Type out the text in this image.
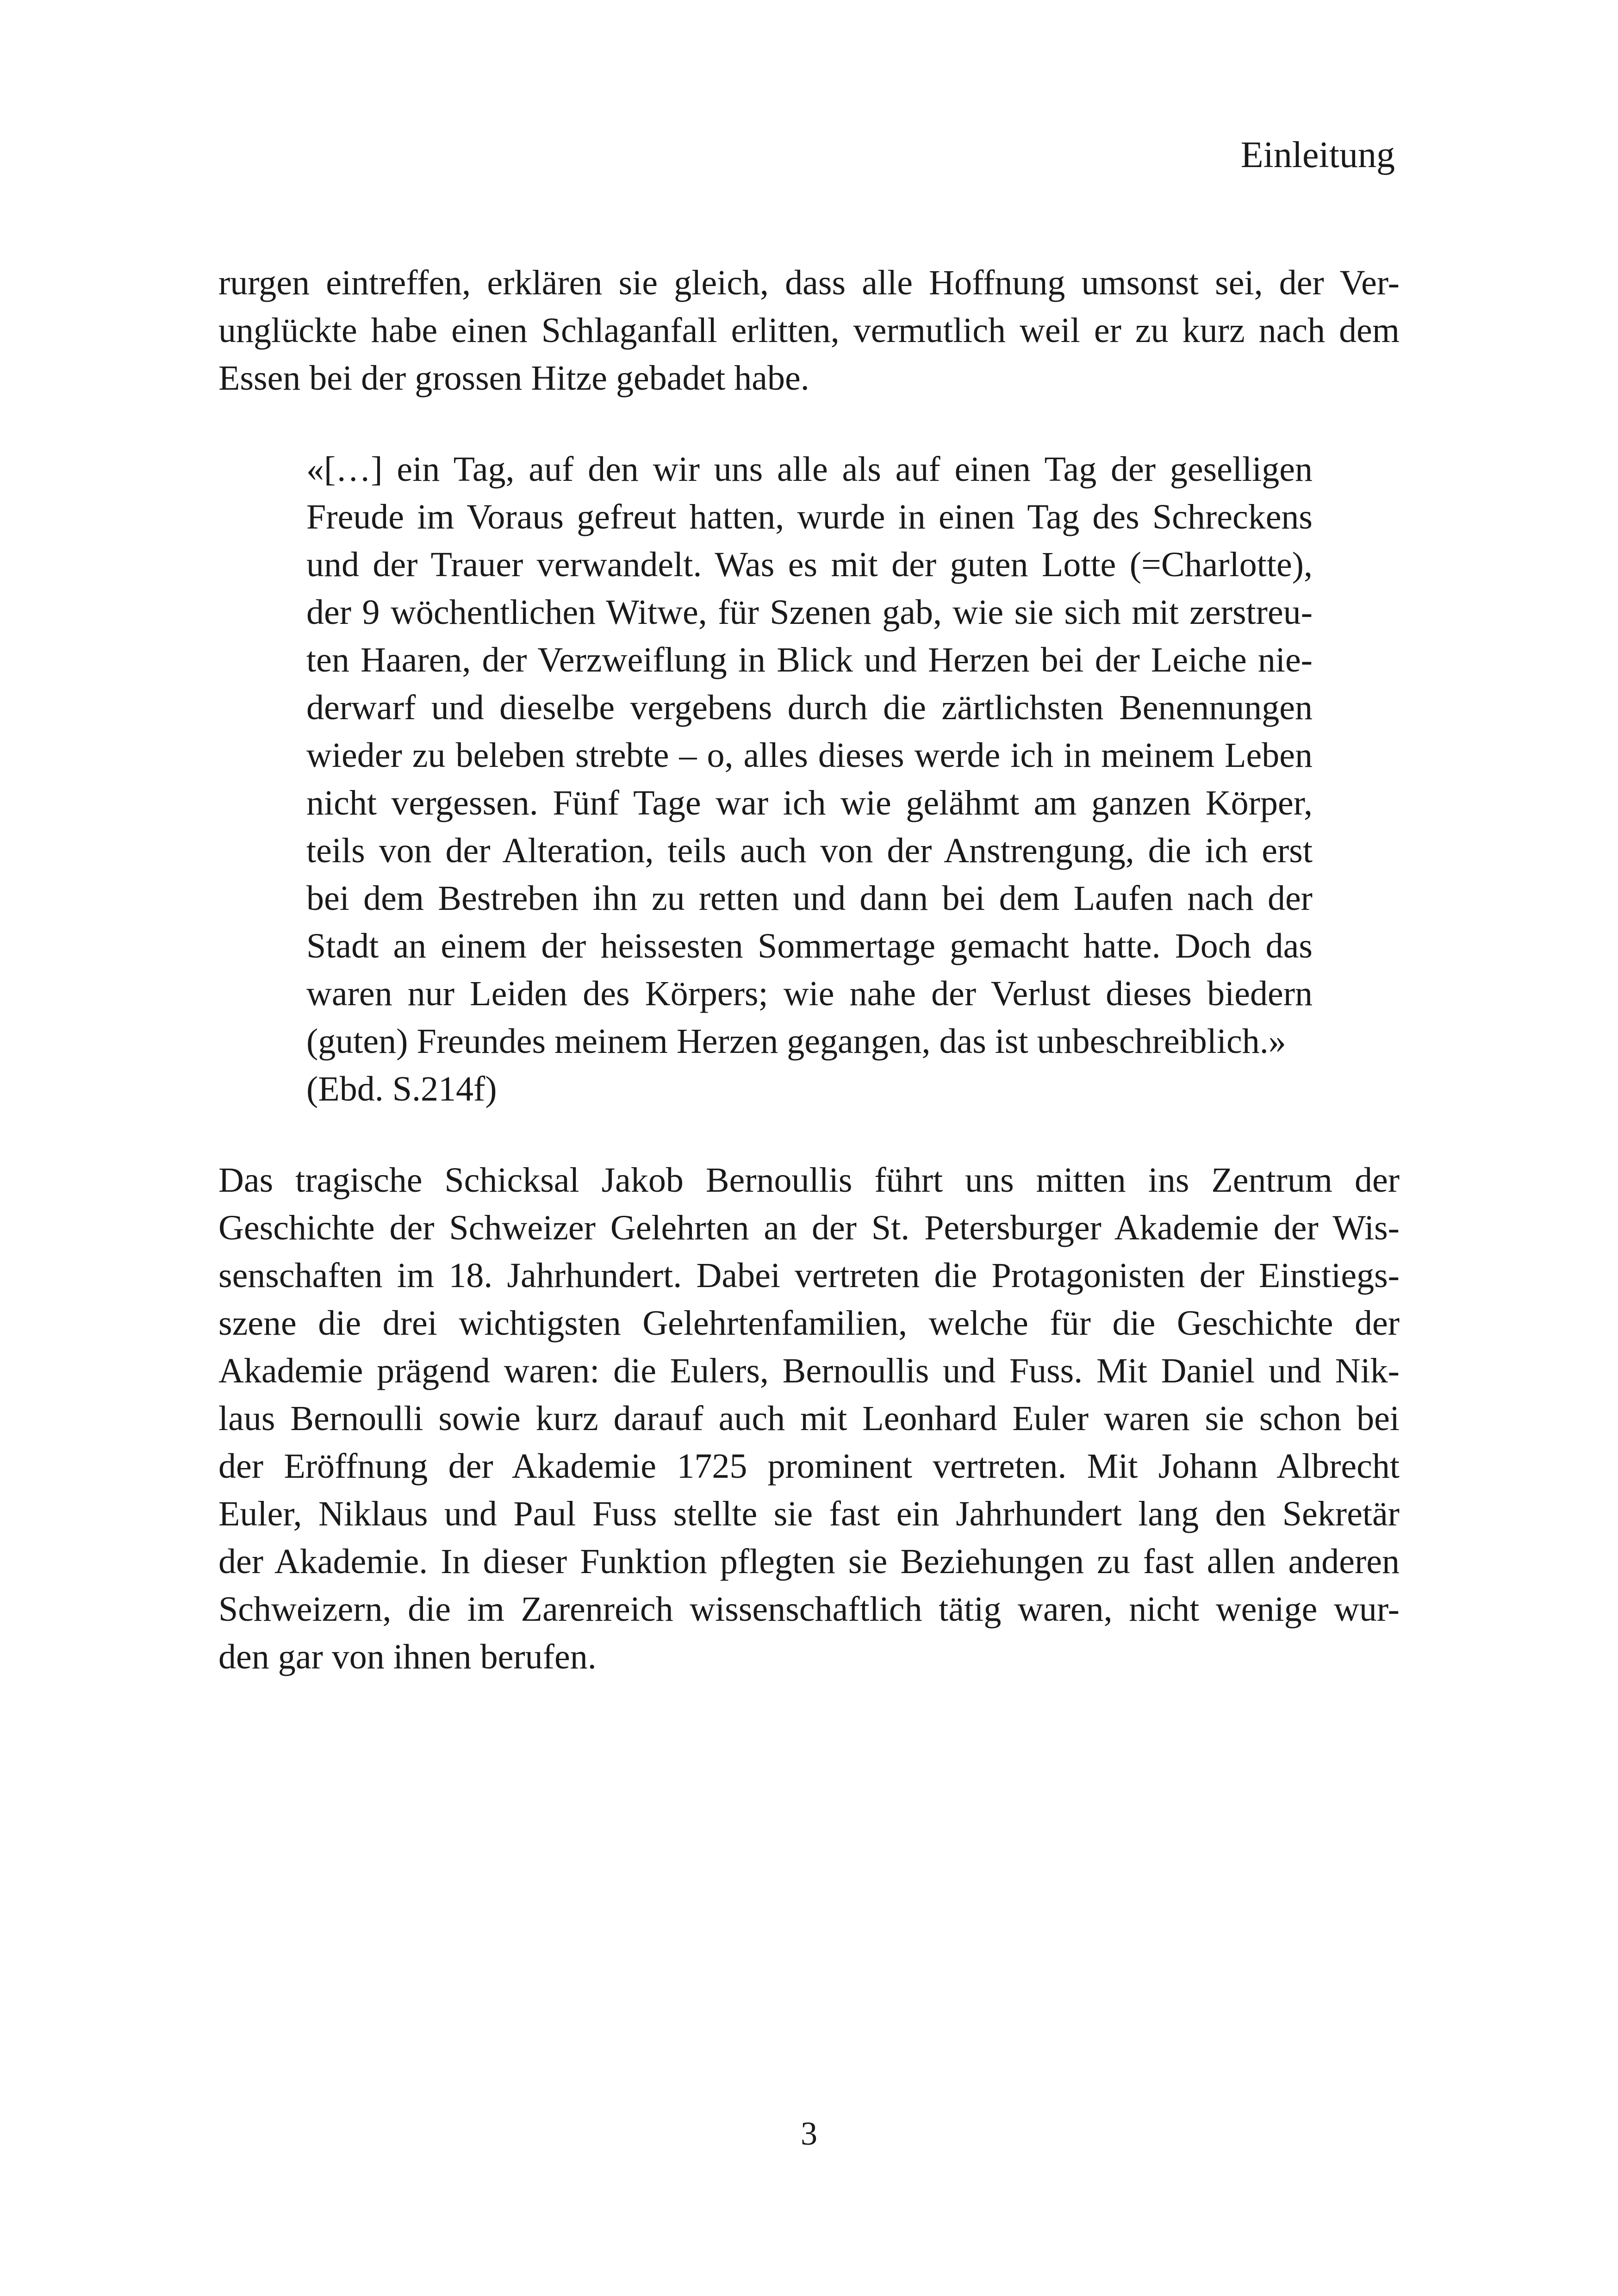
Einleitung

rurgen eintreffen, erklären sie gleich, dass alle Hoffnung umsonst sei, der Ver-
unglückte habe einen Schlaganfall erlitten, vermutlich weil er zu kurz nach dem
Essen bei der grossen Hitze gebadet habe.

«[…] ein Tag, auf den wir uns alle als auf einen Tag der geselligen
Freude im Voraus gefreut hatten, wurde in einen Tag des Schreckens
und der Trauer verwandelt. Was es mit der guten Lotte (=Charlotte),
der 9 wöchentlichen Witwe, für Szenen gab, wie sie sich mit zerstreu-
ten Haaren, der Verzweiflung in Blick und Herzen bei der Leiche nie-
derwarf und dieselbe vergebens durch die zärtlichsten Benennungen
wieder zu beleben strebte – o, alles dieses werde ich in meinem Leben
nicht vergessen. Fünf Tage war ich wie gelähmt am ganzen Körper,
teils von der Alteration, teils auch von der Anstrengung, die ich erst
bei dem Bestreben ihn zu retten und dann bei dem Laufen nach der
Stadt an einem der heissesten Sommertage gemacht hatte. Doch das
waren nur Leiden des Körpers; wie nahe der Verlust dieses biedern
(guten) Freundes meinem Herzen gegangen, das ist unbeschreiblich.»
(Ebd. S.214f)

Das tragische Schicksal Jakob Bernoullis führt uns mitten ins Zentrum der
Geschichte der Schweizer Gelehrten an der St. Petersburger Akademie der Wis-
senschaften im 18. Jahrhundert. Dabei vertreten die Protagonisten der Einstiegs-
szene die drei wichtigsten Gelehrtenfamilien, welche für die Geschichte der
Akademie prägend waren: die Eulers, Bernoullis und Fuss. Mit Daniel und Nik-
laus Bernoulli sowie kurz darauf auch mit Leonhard Euler waren sie schon bei
der Eröffnung der Akademie 1725 prominent vertreten. Mit Johann Albrecht
Euler, Niklaus und Paul Fuss stellte sie fast ein Jahrhundert lang den Sekretär
der Akademie. In dieser Funktion pflegten sie Beziehungen zu fast allen anderen
Schweizern, die im Zarenreich wissenschaftlich tätig waren, nicht wenige wur-
den gar von ihnen berufen.

3
